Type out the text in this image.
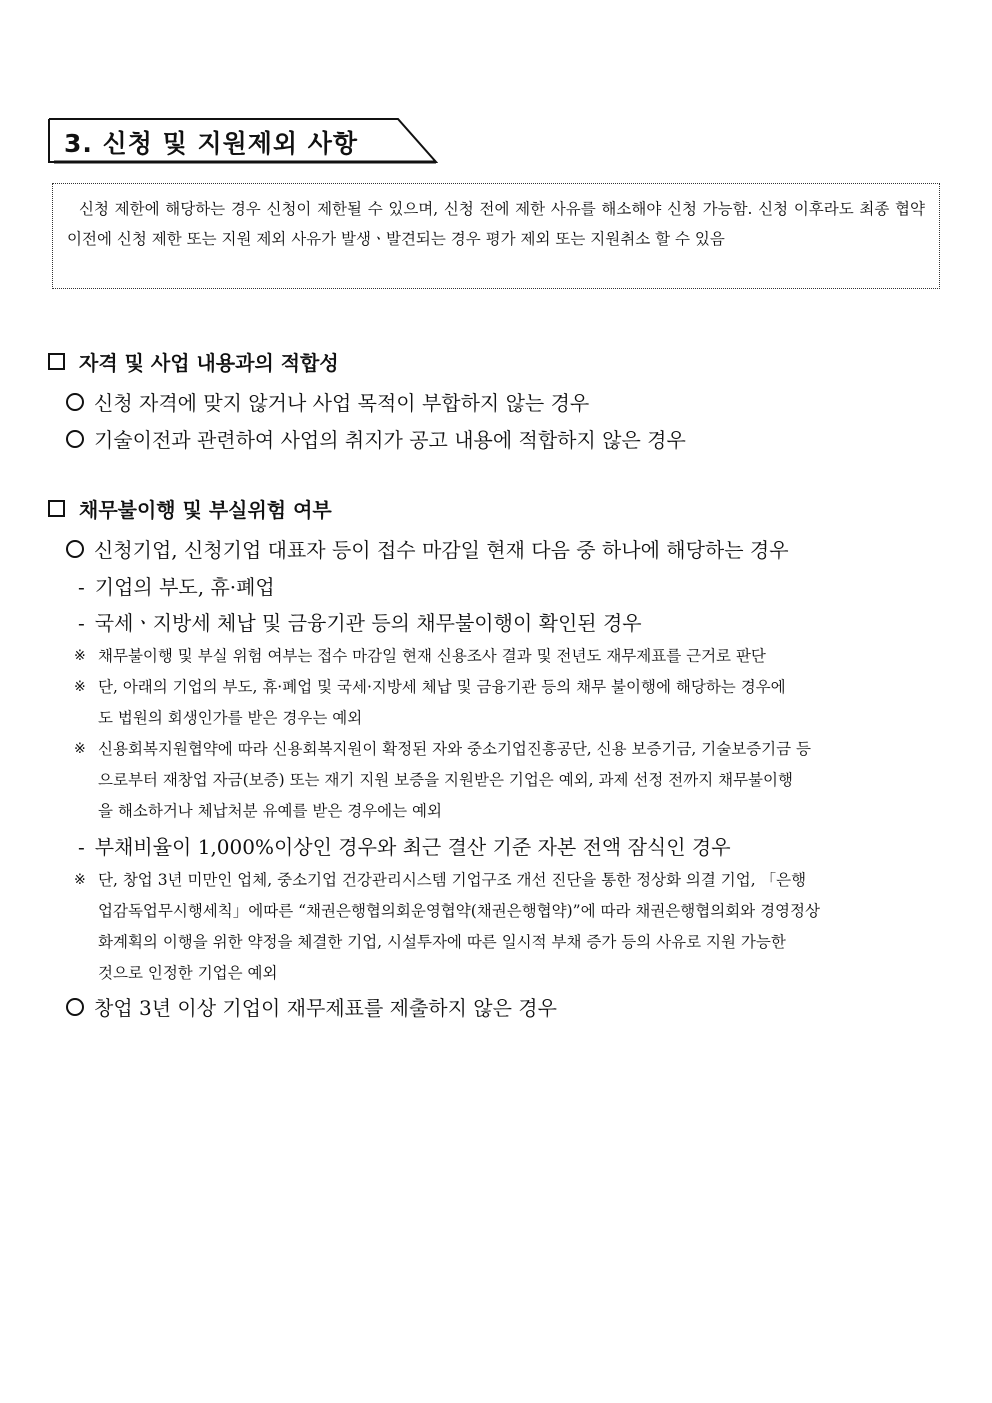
3. 신청 및 지원제외 사항

신청 제한에 해당하는 경우 신청이 제한될 수 있으며, 신청 전에 제한 사유를 해소해야 신청 가능함. 신청 이후라도 최종 협약 이전에 신청 제한 또는 지원 제외 사유가 발생ㆍ발견되는 경우 평가 제외 또는 지원취소 할 수 있음

자격 및 사업 내용과의 적합성
신청 자격에 맞지 않거나 사업 목적이 부합하지 않는 경우
기술이전과 관련하여 사업의 취지가 공고 내용에 적합하지 않은 경우
채무불이행 및 부실위험 여부
신청기업, 신청기업 대표자 등이 접수 마감일 현재 다음 중 하나에 해당하는 경우
- 기업의 부도, 휴·폐업
- 국세ㆍ지방세 체납 및 금융기관 등의 채무불이행이 확인된 경우
※ 채무불이행 및 부실 위험 여부는 접수 마감일 현재 신용조사 결과 및 전년도 재무제표를 근거로 판단
※ 단, 아래의 기업의 부도, 휴·폐업 및 국세·지방세 체납 및 금융기관 등의 채무 불이행에 해당하는 경우에
도 법원의 회생인가를 받은 경우는 예외
※ 신용회복지원협약에 따라 신용회복지원이 확정된 자와 중소기업진흥공단, 신용 보증기금, 기술보증기금 등
으로부터 재창업 자금(보증) 또는 재기 지원 보증을 지원받은 기업은 예외, 과제 선정 전까지 채무불이행
을 해소하거나 체납처분 유예를 받은 경우에는 예외
- 부채비율이 1,000%이상인 경우와 최근 결산 기준 자본 전액 잠식인 경우
※ 단, 창업 3년 미만인 업체, 중소기업 건강관리시스템 기업구조 개선 진단을 통한 정상화 의결 기업, 「은행
업감독업무시행세칙」에따른 “채권은행협의회운영협약(채권은행협약)”에 따라 채권은행협의회와 경영정상
화계획의 이행을 위한 약정을 체결한 기업, 시설투자에 따른 일시적 부채 증가 등의 사유로 지원 가능한
것으로 인정한 기업은 예외
창업 3년 이상 기업이 재무제표를 제출하지 않은 경우
